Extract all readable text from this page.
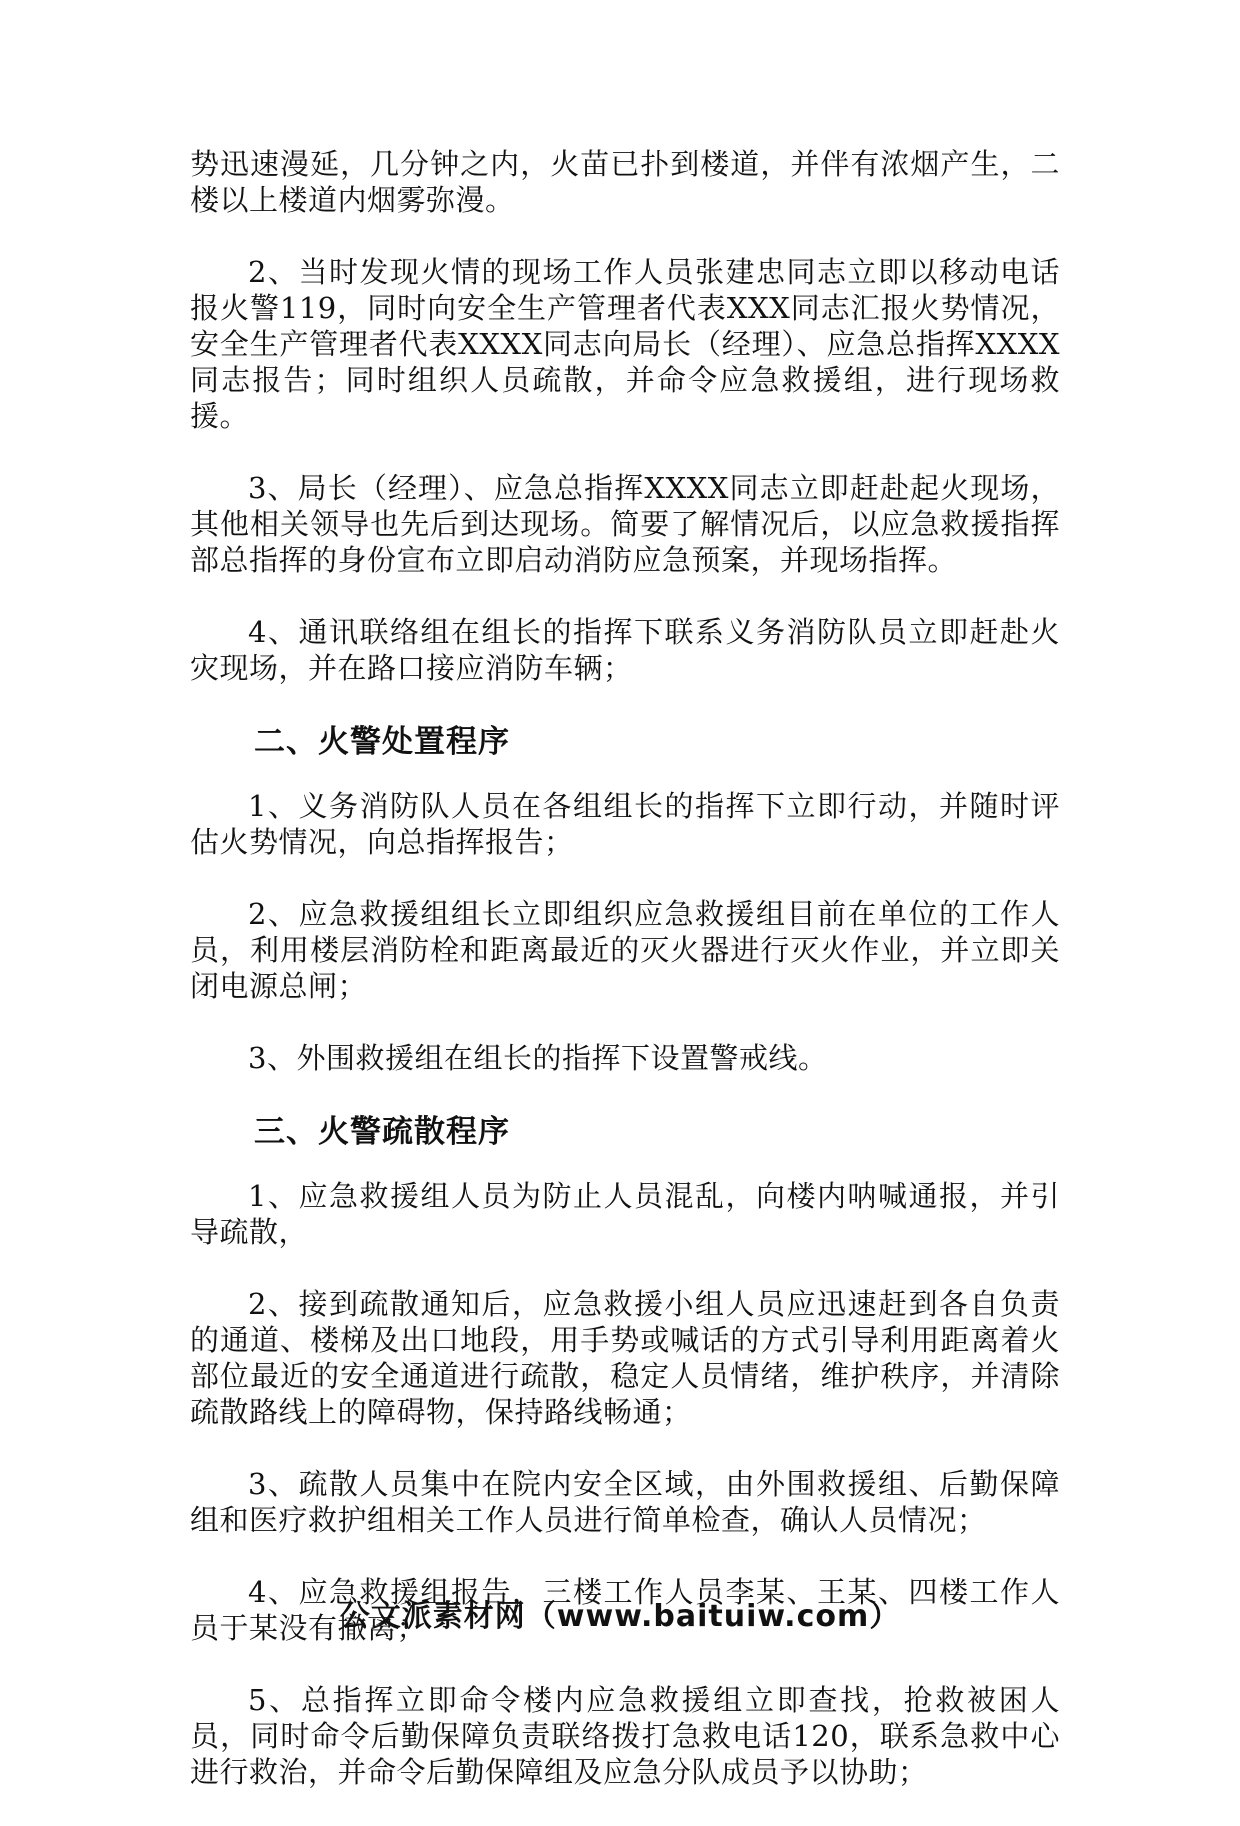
势迅速漫延，几分钟之内，火苗已扑到楼道，并伴有浓烟产生，二楼以上楼道内烟雾弥漫。
2、当时发现火情的现场工作人员张建忠同志立即以移动电话报火警119，同时向安全生产管理者代表XXX同志汇报火势情况，安全生产管理者代表XXXX同志向局长（经理）、应急总指挥XXXX同志报告；同时组织人员疏散，并命令应急救援组，进行现场救援。
3、局长（经理）、应急总指挥XXXX同志立即赶赴起火现场，其他相关领导也先后到达现场。简要了解情况后，以应急救援指挥部总指挥的身份宣布立即启动消防应急预案，并现场指挥。
4、通讯联络组在组长的指挥下联系义务消防队员立即赶赴火灾现场，并在路口接应消防车辆；
二、火警处置程序
1、义务消防队人员在各组组长的指挥下立即行动，并随时评估火势情况，向总指挥报告；
2、应急救援组组长立即组织应急救援组目前在单位的工作人员，利用楼层消防栓和距离最近的灭火器进行灭火作业，并立即关闭电源总闸；
3、外围救援组在组长的指挥下设置警戒线。
三、火警疏散程序
1、应急救援组人员为防止人员混乱，向楼内呐喊通报，并引导疏散，
2、接到疏散通知后，应急救援小组人员应迅速赶到各自负责的通道、楼梯及出口地段，用手势或喊话的方式引导利用距离着火部位最近的安全通道进行疏散，稳定人员情绪，维护秩序，并清除疏散路线上的障碍物，保持路线畅通；
3、疏散人员集中在院内安全区域，由外围救援组、后勤保障组和医疗救护组相关工作人员进行简单检查，确认人员情况；
4、应急救援组报告，三楼工作人员李某、王某、四楼工作人员于某没有撤离；
5、总指挥立即命令楼内应急救援组立即查找，抢救被困人员，同时命令后勤保障负责联络拨打急救电话120，联系急救中心进行救治，并命令后勤保障组及应急分队成员予以协助；
公文派素材网（www.baituiw.com）
